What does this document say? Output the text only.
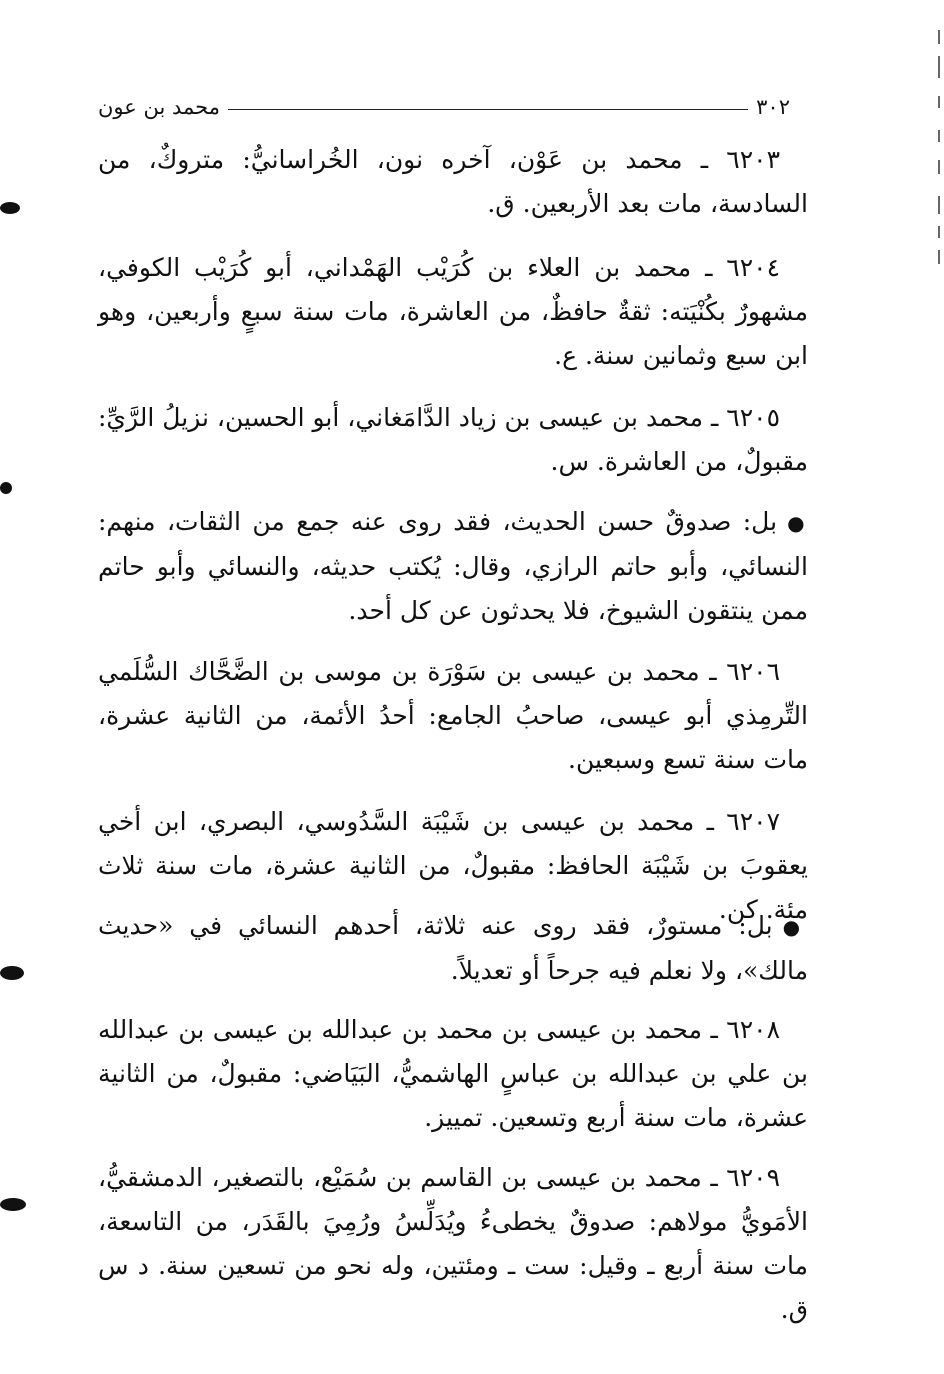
٣٠٢
محمد بن عون

٦٢٠٣ ـ محمد بن عَوْن، آخره نون، الخُراسانيُّ: متروكٌ، من السادسة، مات بعد الأربعين. ق.

٦٢٠٤ ـ محمد بن العلاء بن كُرَيْب الهَمْداني، أبو كُرَيْب الكوفي، مشهورٌ بكُنْيَته: ثقةٌ حافظٌ، من العاشرة، مات سنة سبعٍ وأربعين، وهو ابن سبع وثمانين سنة. ع.

٦٢٠٥ ـ محمد بن عيسى بن زياد الدَّامَغاني، أبو الحسين، نزيلُ الرَّيِّ: مقبولٌ، من العاشرة. س.

● بل: صدوقٌ حسن الحديث، فقد روى عنه جمع من الثقات، منهم: النسائي، وأبو حاتم الرازي، وقال: يُكتب حديثه، والنسائي وأبو حاتم ممن ينتقون الشيوخ، فلا يحدثون عن كل أحد.

٦٢٠٦ ـ محمد بن عيسى بن سَوْرَة بن موسى بن الضَّحَّاك السُّلَمي التِّرمِذي أبو عيسى، صاحبُ الجامع: أحدُ الأئمة، من الثانية عشرة، مات سنة تسع وسبعين.

٦٢٠٧ ـ محمد بن عيسى بن شَيْبَة السَّدُوسي، البصري، ابن أخي يعقوبَ بن شَيْبَة الحافظ: مقبولٌ، من الثانية عشرة، مات سنة ثلاث مئة. كن.

● بل: مستورٌ، فقد روى عنه ثلاثة، أحدهم النسائي في «حديث مالك»، ولا نعلم فيه جرحاً أو تعديلاً.

٦٢٠٨ ـ محمد بن عيسى بن محمد بن عبدالله بن عيسى بن عبدالله بن علي بن عبدالله بن عباسٍ الهاشميُّ، البَيَاضي: مقبولٌ، من الثانية عشرة، مات سنة أربع وتسعين. تمييز.

٦٢٠٩ ـ محمد بن عيسى بن القاسم بن سُمَيْع، بالتصغير، الدمشقيُّ، الأمَويُّ مولاهم: صدوقٌ يخطىءُ ويُدَلِّسُ ورُمِيَ بالقَدَر، من التاسعة، مات سنة أربع ـ وقيل: ست ـ ومئتين، وله نحو من تسعين سنة. د س ق.
